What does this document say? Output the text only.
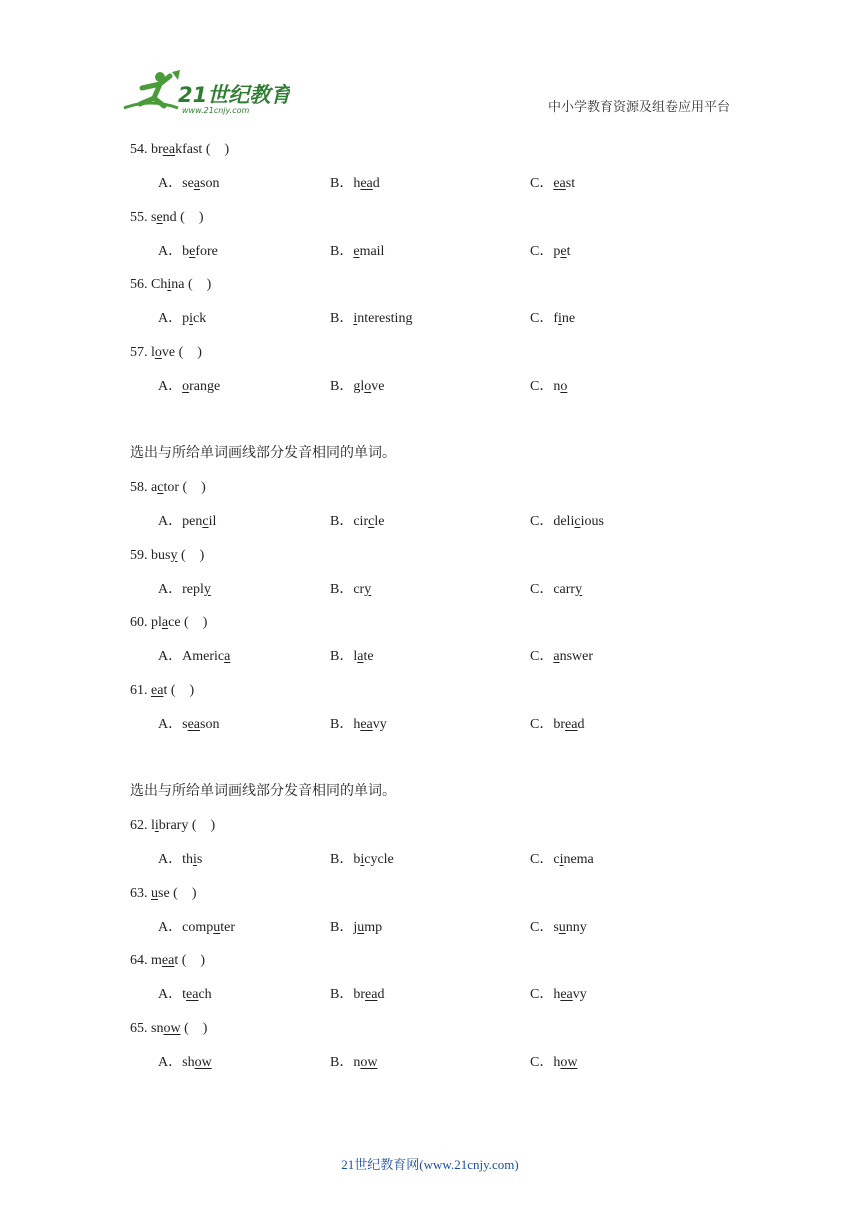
21世纪教育
www.21cnjy.com	中小学教育资源及组卷应用平台
54. breakfast (　)
A．season	B．head	C．east
55. send (　)
A．before	B．email	C．pet
56. China (　)
A．pick	B．interesting	C．fine
57. love (　)
A．orange	B．glove	C．no
选出与所给单词画线部分发音相同的单词。
58. actor (　)
A．pencil	B．circle	C．delicious
59. busy (　)
A．reply	B．cry	C．carry
60. place (　)
A．America	B．late	C．answer
61. eat (　)
A．season	B．heavy	C．bread
选出与所给单词画线部分发音相同的单词。
62. library (　)
A．this	B．bicycle	C．cinema
63. use (　)
A．computer	B．jump	C．sunny
64. meat (　)
A．teach	B．bread	C．heavy
65. snow (　)
A．show	B．now	C．how
21世纪教育网(www.21cnjy.com)
